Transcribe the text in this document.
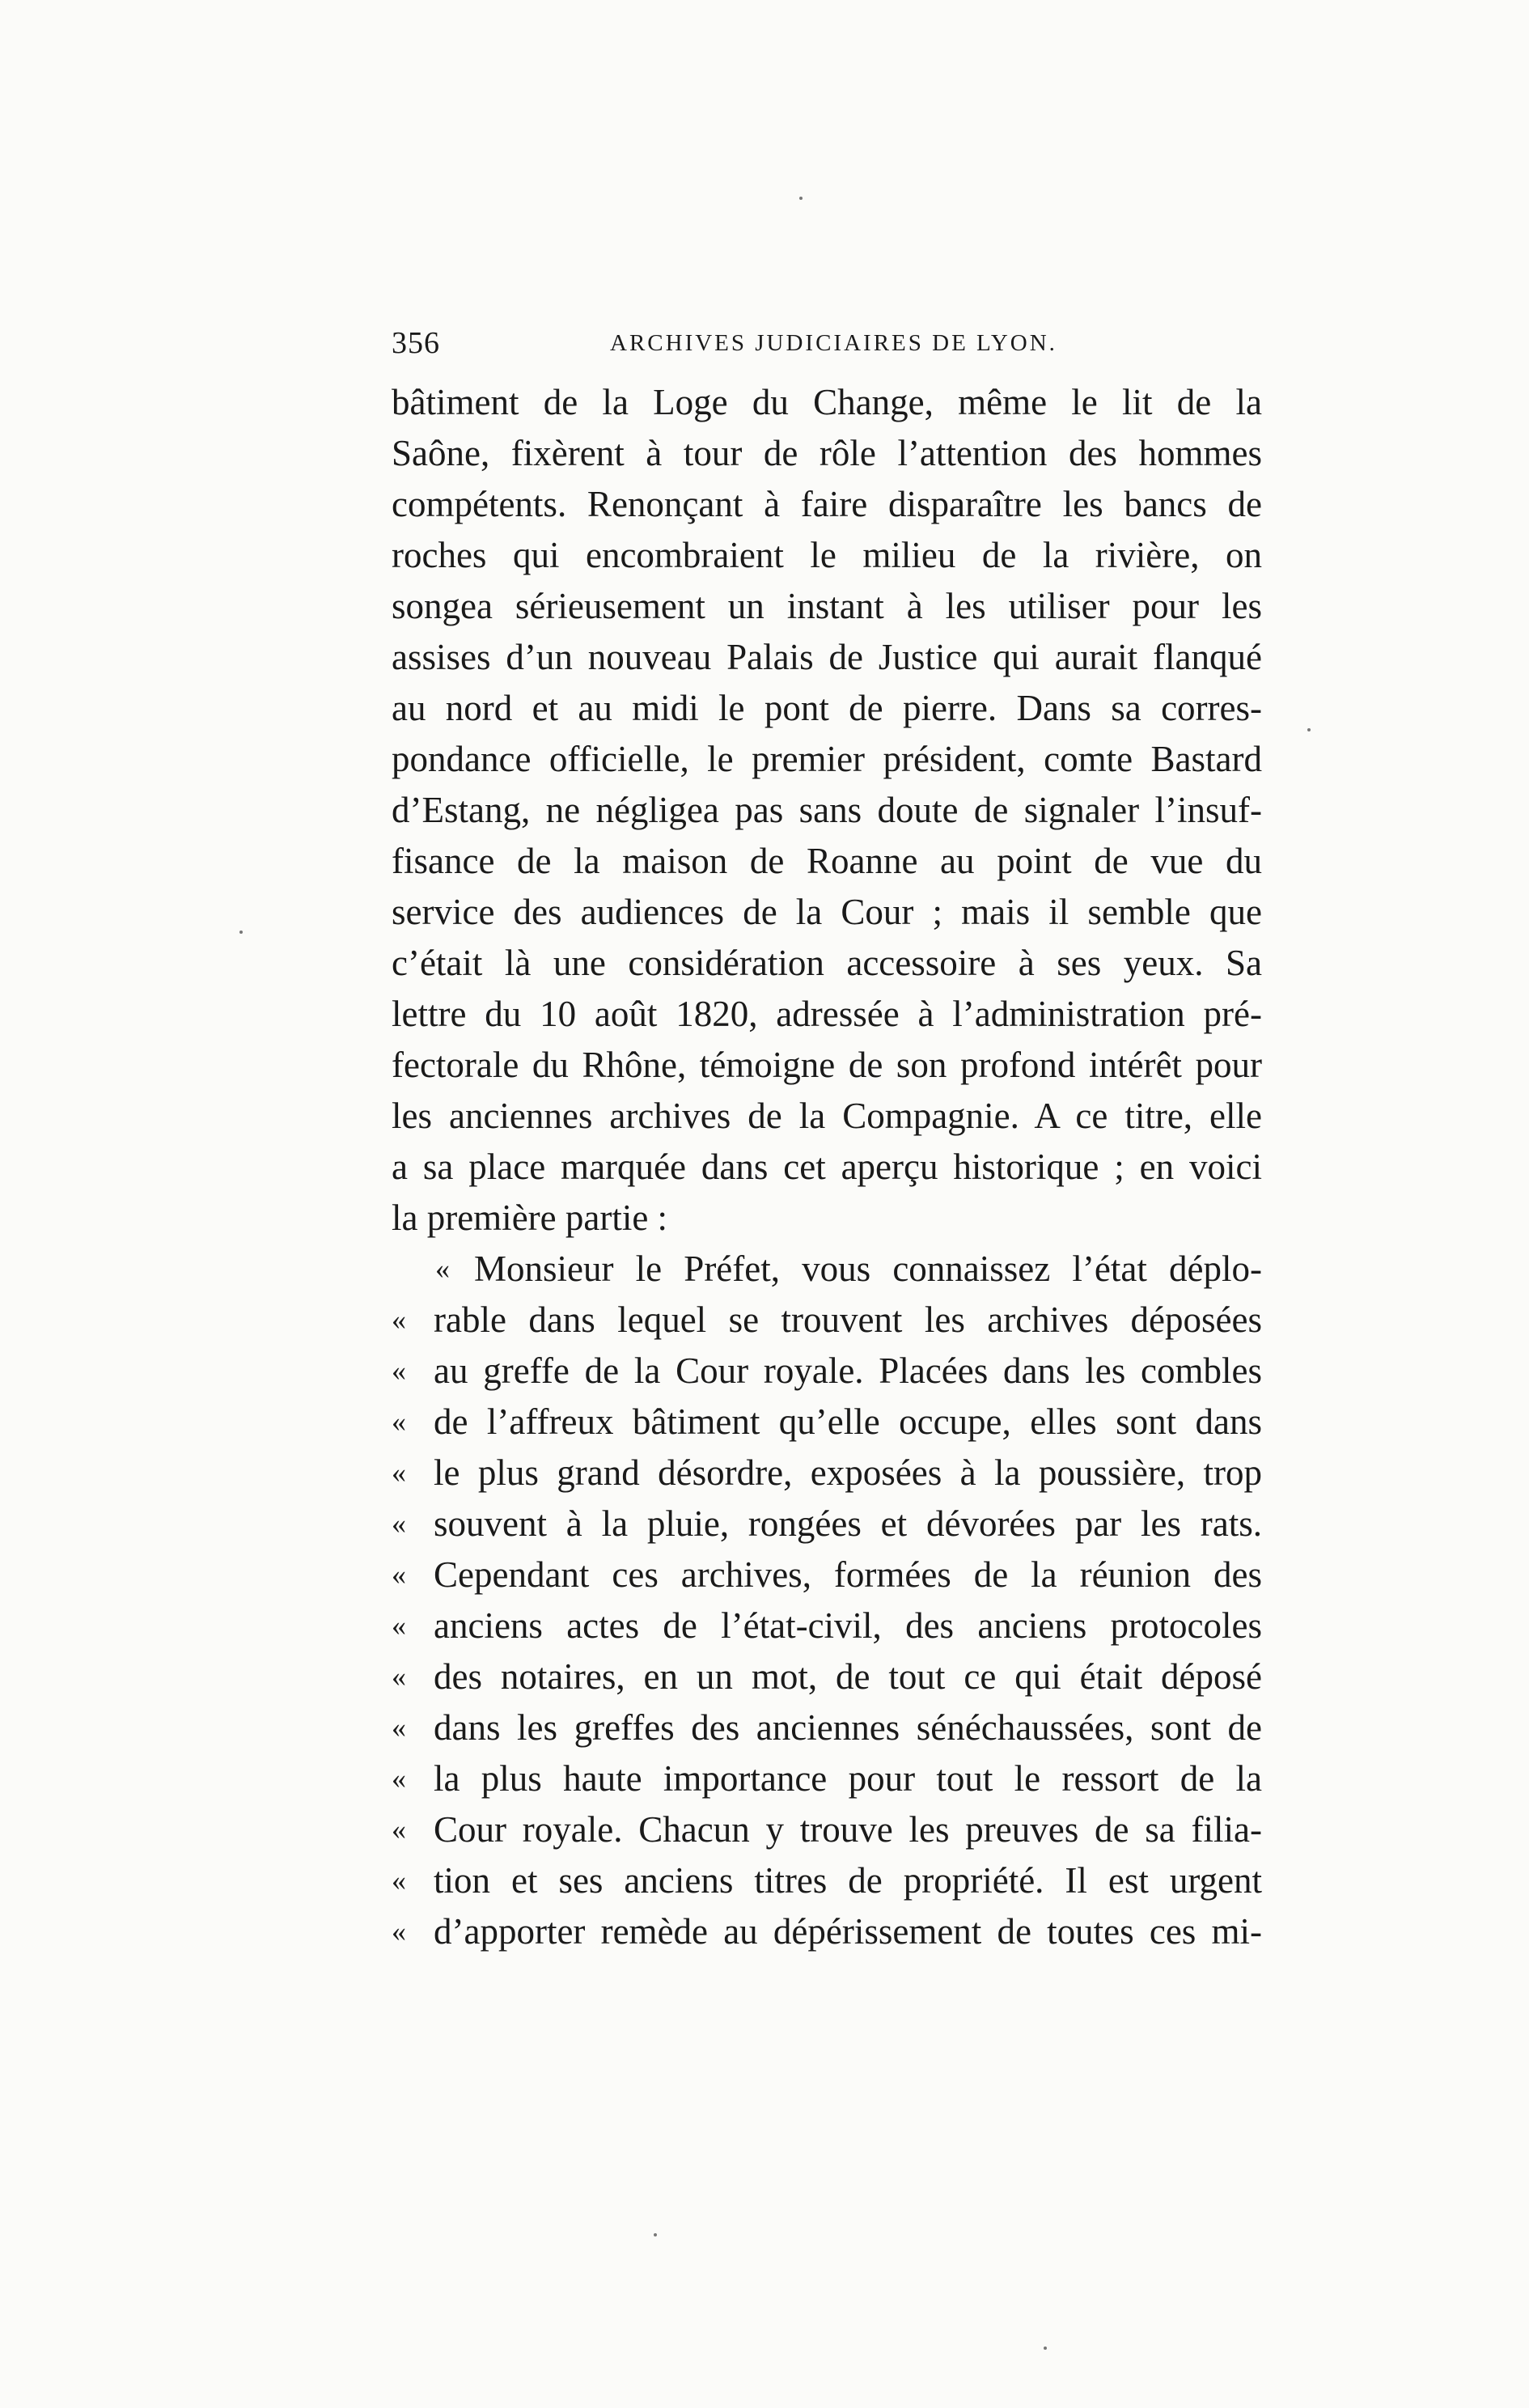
356	ARCHIVES JUDICIAIRES DE LYON.
bâtiment de la Loge du Change, même le lit de la
Saône, fixèrent à tour de rôle l’attention des hommes
compétents. Renonçant à faire disparaître les bancs de
roches qui encombraient le milieu de la rivière, on
songea sérieusement un instant à les utiliser pour les
assises d’un nouveau Palais de Justice qui aurait flanqué
au nord et au midi le pont de pierre. Dans sa corres-
pondance officielle, le premier président, comte Bastard
d’Estang, ne négligea pas sans doute de signaler l’insuf-
fisance de la maison de Roanne au point de vue du
service des audiences de la Cour ; mais il semble que
c’était là une considération accessoire à ses yeux. Sa
lettre du 10 août 1820, adressée à l’administration pré-
fectorale du Rhône, témoigne de son profond intérêt pour
les anciennes archives de la Compagnie. A ce titre, elle
a sa place marquée dans cet aperçu historique ; en voici
la première partie :
« Monsieur le Préfet, vous connaissez l’état déplo-
« rable dans lequel se trouvent les archives déposées
« au greffe de la Cour royale. Placées dans les combles
« de l’affreux bâtiment qu’elle occupe, elles sont dans
« le plus grand désordre, exposées à la poussière, trop
« souvent à la pluie, rongées et dévorées par les rats.
« Cependant ces archives, formées de la réunion des
« anciens actes de l’état-civil, des anciens protocoles
« des notaires, en un mot, de tout ce qui était déposé
« dans les greffes des anciennes sénéchaussées, sont de
« la plus haute importance pour tout le ressort de la
« Cour royale. Chacun y trouve les preuves de sa filia-
« tion et ses anciens titres de propriété. Il est urgent
« d’apporter remède au dépérissement de toutes ces mi-
